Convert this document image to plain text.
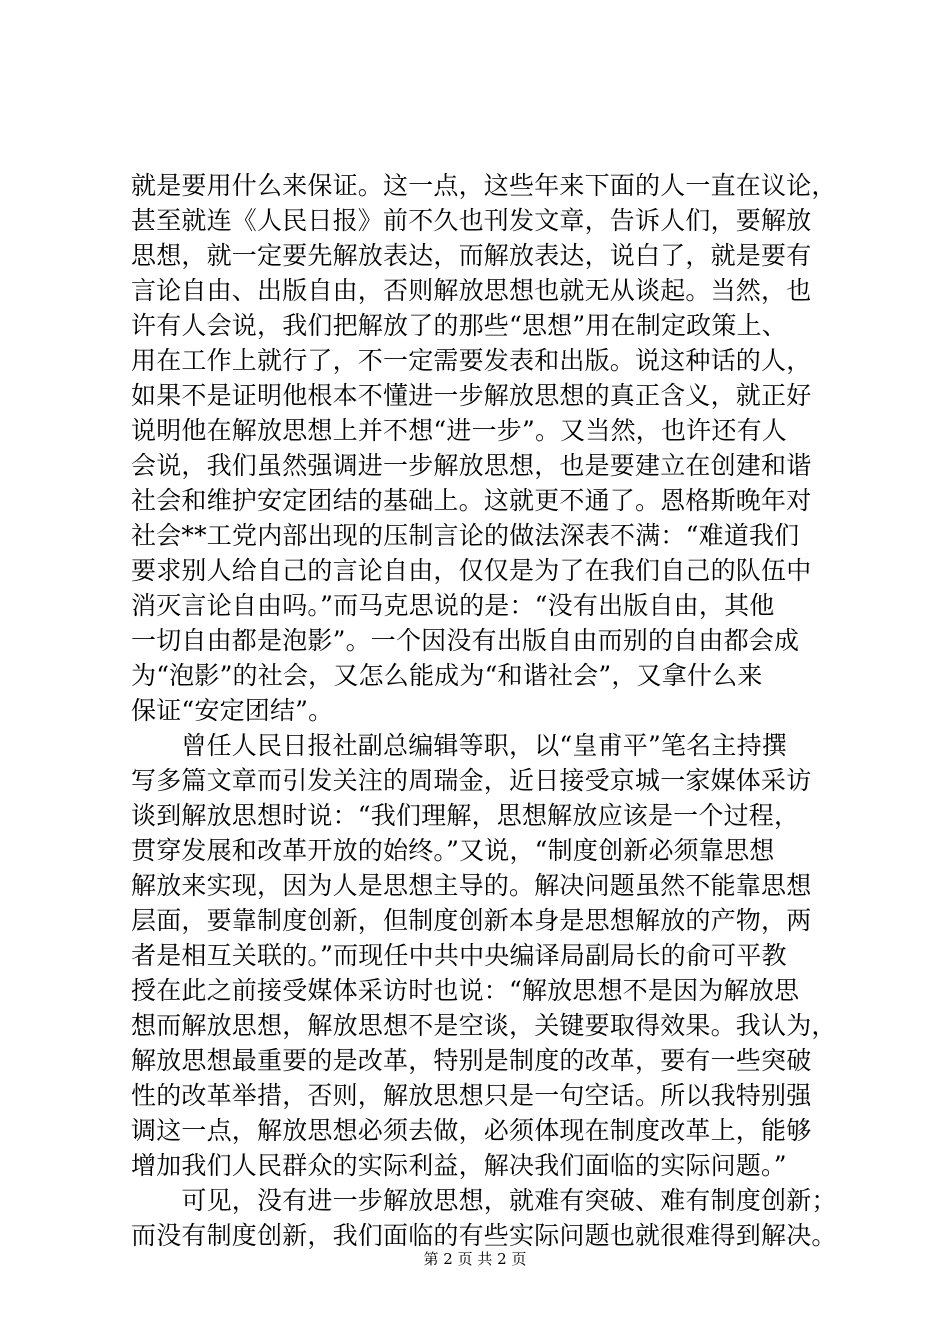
就是要用什么来保证。这一点，这些年来下面的人一直在议论，
甚至就连《人民日报》前不久也刊发文章，告诉人们，要解放
思想，就一定要先解放表达，而解放表达，说白了，就是要有
言论自由、出版自由，否则解放思想也就无从谈起。当然，也
许有人会说，我们把解放了的那些“思想”用在制定政策上、
用在工作上就行了，不一定需要发表和出版。说这种话的人，
如果不是证明他根本不懂进一步解放思想的真正含义，就正好
说明他在解放思想上并不想“进一步”。又当然，也许还有人
会说，我们虽然强调进一步解放思想，也是要建立在创建和谐
社会和维护安定团结的基础上。这就更不通了。恩格斯晚年对
社会**工党内部出现的压制言论的做法深表不满：“难道我们
要求别人给自己的言论自由，仅仅是为了在我们自己的队伍中
消灭言论自由吗。”而马克思说的是：“没有出版自由，其他
一切自由都是泡影”。一个因没有出版自由而别的自由都会成
为“泡影”的社会，又怎么能成为“和谐社会”，又拿什么来
保证“安定团结”。
　　曾任人民日报社副总编辑等职，以“皇甫平”笔名主持撰
写多篇文章而引发关注的周瑞金，近日接受京城一家媒体采访
谈到解放思想时说：“我们理解，思想解放应该是一个过程，
贯穿发展和改革开放的始终。”又说，“制度创新必须靠思想
解放来实现，因为人是思想主导的。解决问题虽然不能靠思想
层面，要靠制度创新，但制度创新本身是思想解放的产物，两
者是相互关联的。”而现任中共中央编译局副局长的俞可平教
授在此之前接受媒体采访时也说：“解放思想不是因为解放思
想而解放思想，解放思想不是空谈，关键要取得效果。我认为，
解放思想最重要的是改革，特别是制度的改革，要有一些突破
性的改革举措，否则，解放思想只是一句空话。所以我特别强
调这一点，解放思想必须去做，必须体现在制度改革上，能够
增加我们人民群众的实际利益，解决我们面临的实际问题。”
　　可见，没有进一步解放思想，就难有突破、难有制度创新；
而没有制度创新，我们面临的有些实际问题也就很难得到解决。
第 2 页 共 2 页
